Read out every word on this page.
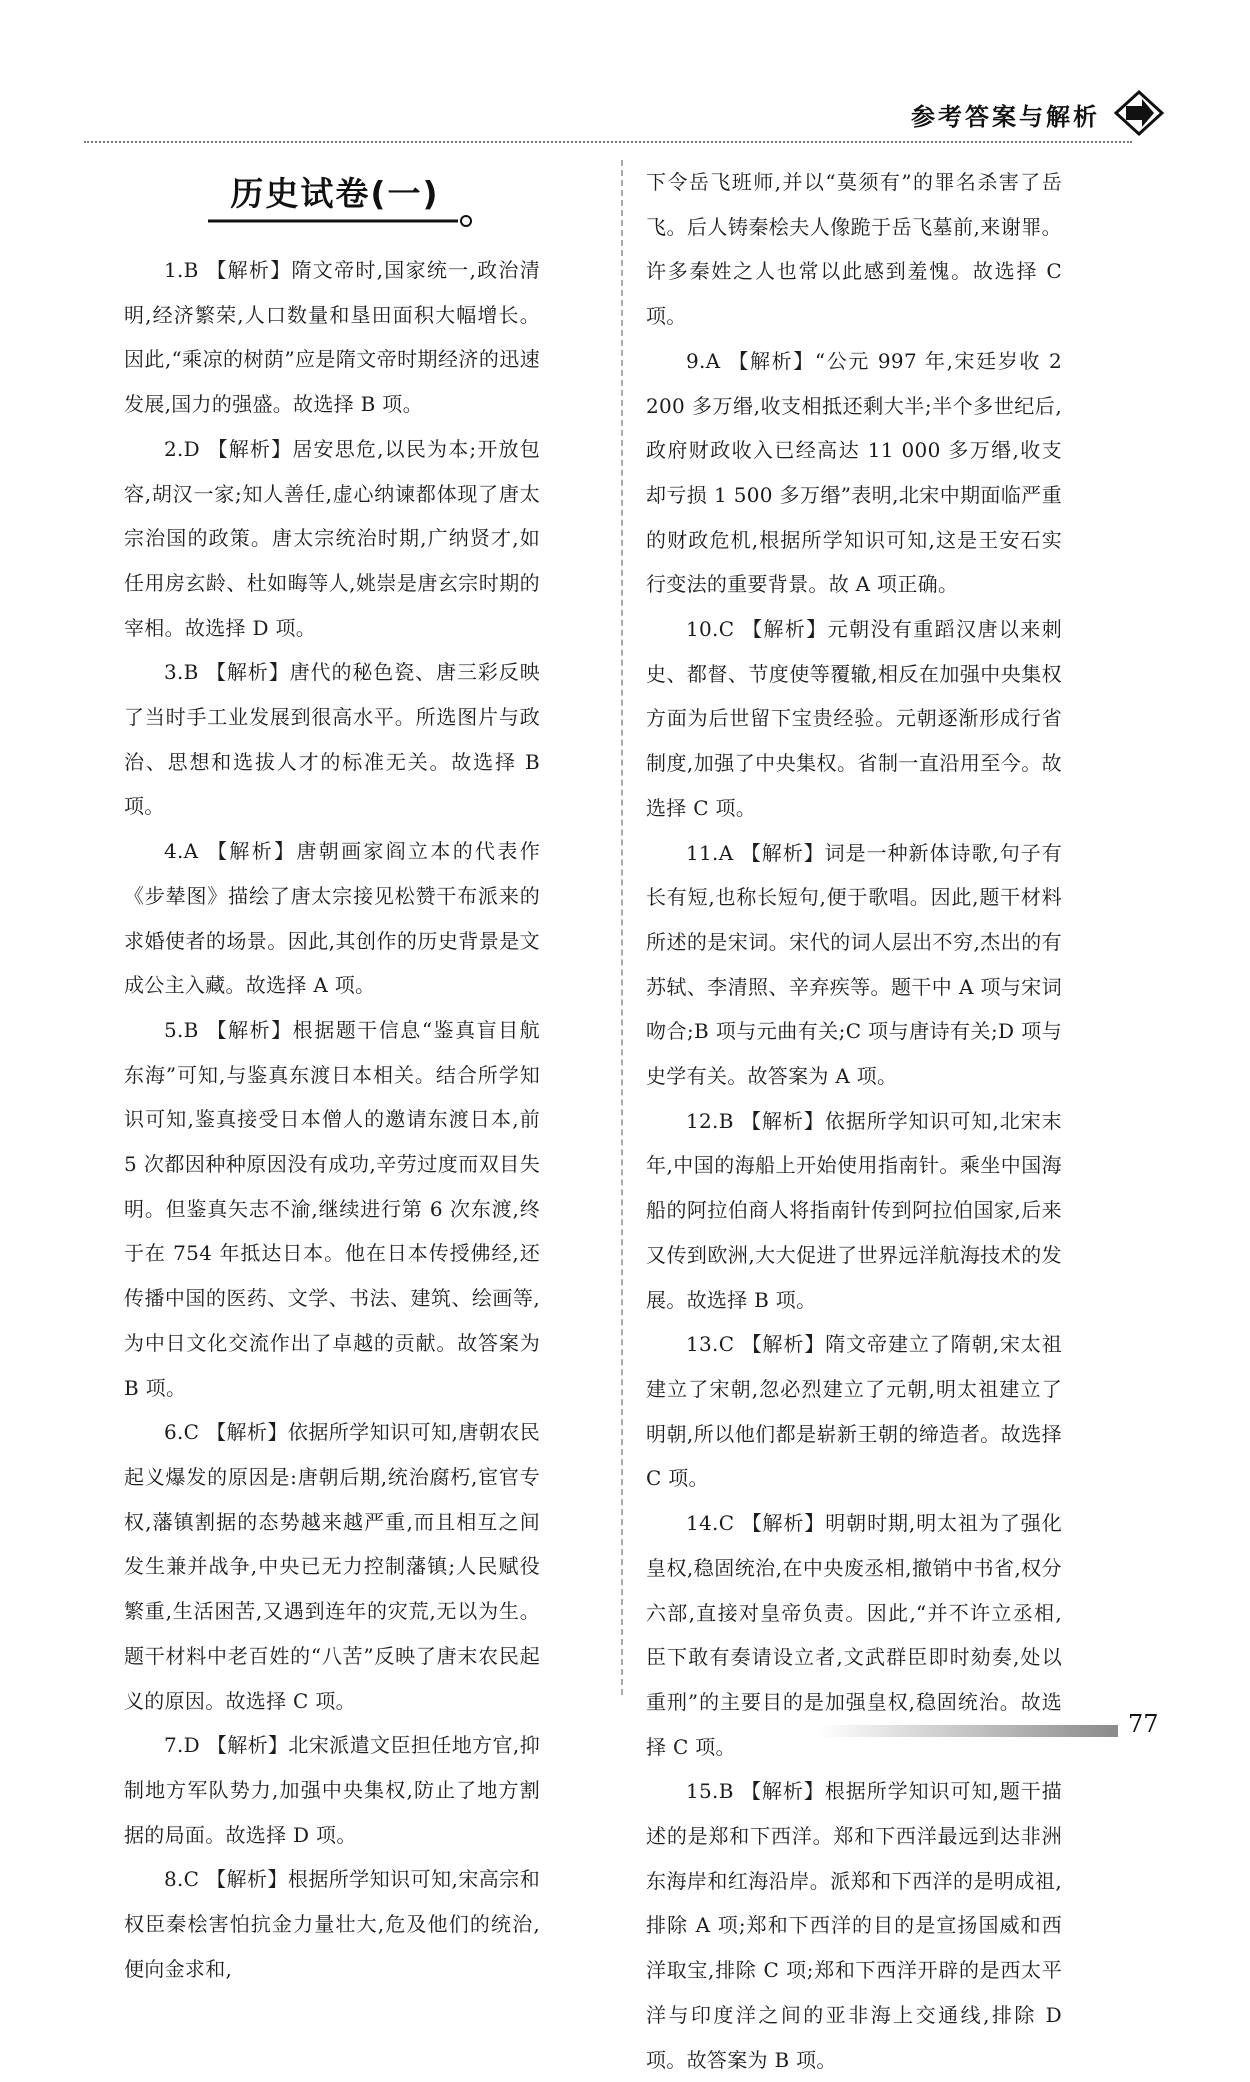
参考答案与解析
历史试卷(一)

1.B 【解析】隋文帝时,国家统一,政治清明,经济繁荣,人口数量和垦田面积大幅增长。因此,“乘凉的树荫”应是隋文帝时期经济的迅速发展,国力的强盛。故选择 B 项。

2.D 【解析】居安思危,以民为本;开放包容,胡汉一家;知人善任,虚心纳谏都体现了唐太宗治国的政策。唐太宗统治时期,广纳贤才,如任用房玄龄、杜如晦等人,姚崇是唐玄宗时期的宰相。故选择 D 项。

3.B 【解析】唐代的秘色瓷、唐三彩反映了当时手工业发展到很高水平。所选图片与政治、思想和选拔人才的标准无关。故选择 B 项。

4.A 【解析】唐朝画家阎立本的代表作《步辇图》描绘了唐太宗接见松赞干布派来的求婚使者的场景。因此,其创作的历史背景是文成公主入藏。故选择 A 项。

5.B 【解析】根据题干信息“鉴真盲目航东海”可知,与鉴真东渡日本相关。结合所学知识可知,鉴真接受日本僧人的邀请东渡日本,前 5 次都因种种原因没有成功,辛劳过度而双目失明。但鉴真矢志不渝,继续进行第 6 次东渡,终于在 754 年抵达日本。他在日本传授佛经,还传播中国的医药、文学、书法、建筑、绘画等,为中日文化交流作出了卓越的贡献。故答案为 B 项。

6.C 【解析】依据所学知识可知,唐朝农民起义爆发的原因是:唐朝后期,统治腐朽,宦官专权,藩镇割据的态势越来越严重,而且相互之间发生兼并战争,中央已无力控制藩镇;人民赋役繁重,生活困苦,又遇到连年的灾荒,无以为生。题干材料中老百姓的“八苦”反映了唐末农民起义的原因。故选择 C 项。

7.D 【解析】北宋派遣文臣担任地方官,抑制地方军队势力,加强中央集权,防止了地方割据的局面。故选择 D 项。

8.C 【解析】根据所学知识可知,宋高宗和权臣秦桧害怕抗金力量壮大,危及他们的统治,便向金求和,

下令岳飞班师,并以“莫须有”的罪名杀害了岳飞。后人铸秦桧夫人像跪于岳飞墓前,来谢罪。许多秦姓之人也常以此感到羞愧。故选择 C 项。

9.A 【解析】“公元 997 年,宋廷岁收 2 200 多万缗,收支相抵还剩大半;半个多世纪后,政府财政收入已经高达 11 000 多万缗,收支却亏损 1 500 多万缗”表明,北宋中期面临严重的财政危机,根据所学知识可知,这是王安石实行变法的重要背景。故 A 项正确。

10.C 【解析】元朝没有重蹈汉唐以来刺史、都督、节度使等覆辙,相反在加强中央集权方面为后世留下宝贵经验。元朝逐渐形成行省制度,加强了中央集权。省制一直沿用至今。故选择 C 项。

11.A 【解析】词是一种新体诗歌,句子有长有短,也称长短句,便于歌唱。因此,题干材料所述的是宋词。宋代的词人层出不穷,杰出的有苏轼、李清照、辛弃疾等。题干中 A 项与宋词吻合;B 项与元曲有关;C 项与唐诗有关;D 项与史学有关。故答案为 A 项。

12.B 【解析】依据所学知识可知,北宋末年,中国的海船上开始使用指南针。乘坐中国海船的阿拉伯商人将指南针传到阿拉伯国家,后来又传到欧洲,大大促进了世界远洋航海技术的发展。故选择 B 项。

13.C 【解析】隋文帝建立了隋朝,宋太祖建立了宋朝,忽必烈建立了元朝,明太祖建立了明朝,所以他们都是崭新王朝的缔造者。故选择 C 项。

14.C 【解析】明朝时期,明太祖为了强化皇权,稳固统治,在中央废丞相,撤销中书省,权分六部,直接对皇帝负责。因此,“并不许立丞相,臣下敢有奏请设立者,文武群臣即时劾奏,处以重刑”的主要目的是加强皇权,稳固统治。故选择 C 项。

15.B 【解析】根据所学知识可知,题干描述的是郑和下西洋。郑和下西洋最远到达非洲东海岸和红海沿岸。派郑和下西洋的是明成祖,排除 A 项;郑和下西洋的目的是宣扬国威和西洋取宝,排除 C 项;郑和下西洋开辟的是西太平洋与印度洋之间的亚非海上交通线,排除 D 项。故答案为 B 项。

77
